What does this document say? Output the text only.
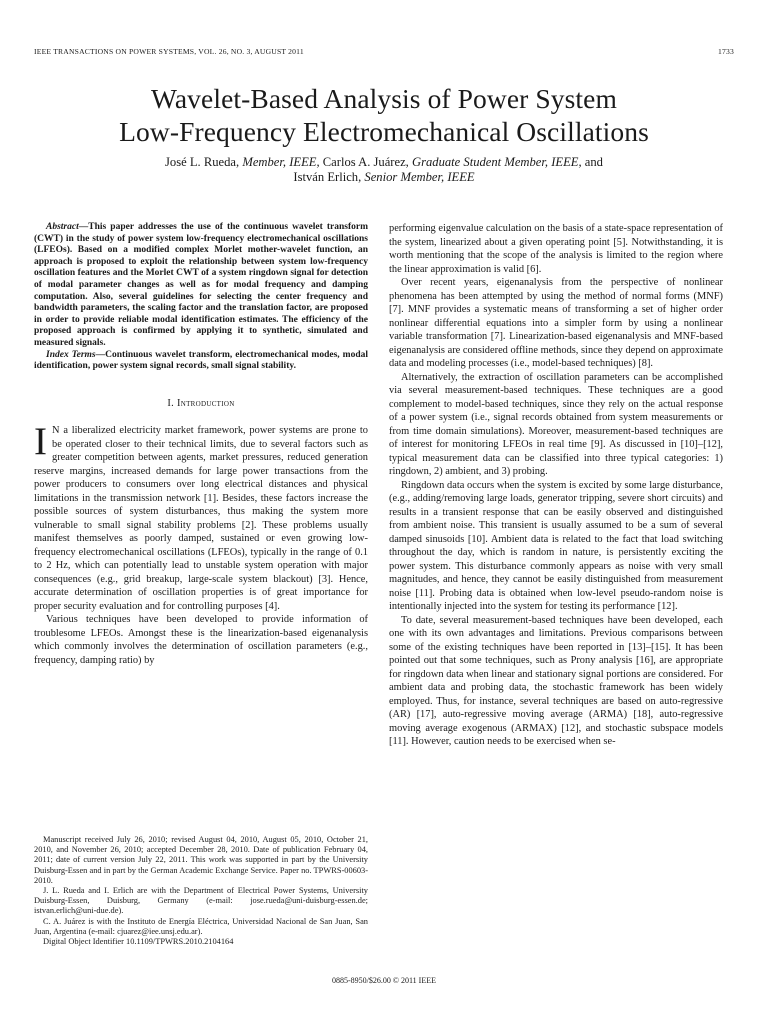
IEEE TRANSACTIONS ON POWER SYSTEMS, VOL. 26, NO. 3, AUGUST 2011	1733
Wavelet-Based Analysis of Power System
Low-Frequency Electromechanical Oscillations
José L. Rueda, Member, IEEE, Carlos A. Juárez, Graduate Student Member, IEEE, and
István Erlich, Senior Member, IEEE

Abstract—This paper addresses the use of the continuous wavelet transform (CWT) in the study of power system low-frequency electromechanical oscillations (LFEOs). Based on a modified complex Morlet mother-wavelet function, an approach is proposed to exploit the relationship between system low-frequency oscillation features and the Morlet CWT of a system ringdown signal for detection of modal parameter changes as well as for modal frequency and damping computation. Also, several guidelines for selecting the center frequency and bandwidth parameters, the scaling factor and the translation factor, are proposed in order to provide reliable modal identification estimates. The efficiency of the proposed approach is confirmed by applying it to synthetic, simulated and measured signals.

Index Terms—Continuous wavelet transform, electromechanical modes, modal identification, power system signal records, small signal stability.

I. Introduction

I N a liberalized electricity market framework, power systems are prone to be operated closer to their technical limits, due to several factors such as greater competition between agents, market pressures, reduced generation reserve margins, increased demands for large power transactions from the power producers to consumers over long electrical distances and physical limitations in the transmission network [1]. Besides, these factors increase the possible sources of system disturbances, thus making the system more vulnerable to small signal stability problems [2]. These problems usually manifest themselves as poorly damped, sustained or even growing low-frequency electromechanical oscillations (LFEOs), typically in the range of 0.1 to 2 Hz, which can potentially lead to unstable system operation with major consequences (e.g., grid breakup, large-scale system blackout) [3]. Hence, accurate determination of oscillation properties is of great importance for proper security evaluation and for controlling purposes [4].

Various techniques have been developed to provide information of troublesome LFEOs. Amongst these is the linearization-based eigenanalysis which commonly involves the determination of oscillation parameters (e.g., frequency, damping ratio) by

Manuscript received July 26, 2010; revised August 04, 2010, August 05, 2010, October 21, 2010, and November 26, 2010; accepted December 28, 2010. Date of publication February 04, 2011; date of current version July 22, 2011. This work was supported in part by the University Duisburg-Essen and in part by the German Academic Exchange Service. Paper no. TPWRS-00603-2010.

J. L. Rueda and I. Erlich are with the Department of Electrical Power Systems, University Duisburg-Essen, Duisburg, Germany (e-mail: jose.rueda@uni-duisburg-essen.de; istvan.erlich@uni-due.de).

C. A. Juárez is with the Instituto de Energía Eléctrica, Universidad Nacional de San Juan, San Juan, Argentina (e-mail: cjuarez@iee.unsj.edu.ar).

Digital Object Identifier 10.1109/TPWRS.2010.2104164

performing eigenvalue calculation on the basis of a state-space representation of the system, linearized about a given operating point [5]. Notwithstanding, it is worth mentioning that the scope of the analysis is limited to the region where the linear approximation is valid [6].

Over recent years, eigenanalysis from the perspective of nonlinear phenomena has been attempted by using the method of normal forms (MNF) [7]. MNF provides a systematic means of transforming a set of higher order nonlinear differential equations into a simpler form by using a nonlinear variable transformation [7]. Linearization-based eigenanalysis and MNF-based eigenanalysis are considered offline methods, since they depend on approximate data and modeling processes (i.e., model-based techniques) [8].

Alternatively, the extraction of oscillation parameters can be accomplished via several measurement-based techniques. These techniques are a good complement to model-based techniques, since they rely on the actual response of a power system (i.e., signal records obtained from system measurements or from time domain simulations). Moreover, measurement-based techniques are of interest for monitoring LFEOs in real time [9]. As discussed in [10]–[12], typical measurement data can be classified into three typical categories: 1) ringdown, 2) ambient, and 3) probing.

Ringdown data occurs when the system is excited by some large disturbance, (e.g., adding/removing large loads, generator tripping, severe short circuits) and results in a transient response that can be easily observed and distinguished from ambient noise. This transient is usually assumed to be a sum of several damped sinusoids [10]. Ambient data is related to the fact that load switching throughout the day, which is random in nature, is persistently exciting the power system. This disturbance commonly appears as noise with very small magnitudes, and hence, they cannot be easily distinguished from measurement noise [11]. Probing data is obtained when low-level pseudo-random noise is intentionally injected into the system for testing its performance [12].

To date, several measurement-based techniques have been developed, each one with its own advantages and limitations. Previous comparisons between some of the existing techniques have been reported in [13]–[15]. It has been pointed out that some techniques, such as Prony analysis [16], are appropriate for ringdown data when linear and stationary signal portions are considered. For ambient data and probing data, the stochastic framework has been widely employed. Thus, for instance, several techniques are based on auto-regressive (AR) [17], auto-regressive moving average (ARMA) [18], auto-regressive moving average exogenous (ARMAX) [12], and stochastic subspace models [11]. However, caution needs to be exercised when se-

0885-8950/$26.00 © 2011 IEEE
